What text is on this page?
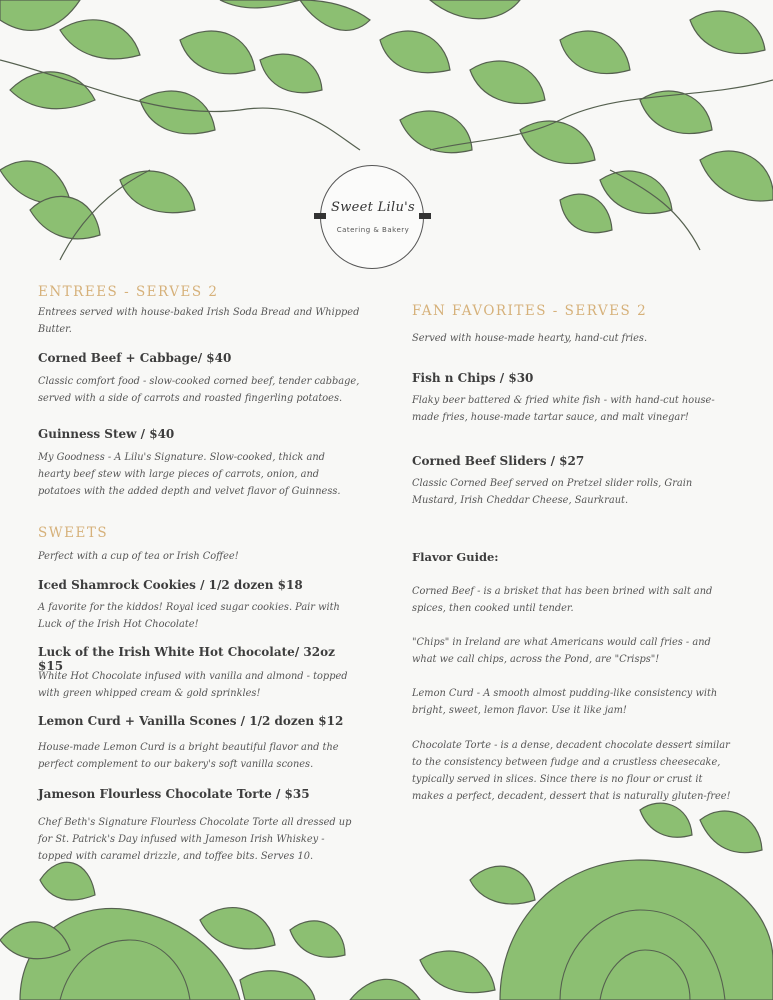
Sweet Lilu's
Catering & Bakery
ENTREES - SERVES 2

Entrees served with house-baked Irish Soda Bread and Whipped Butter.

Corned Beef + Cabbage/ $40

Classic comfort food - slow-cooked corned beef, tender cabbage, served with a side of carrots and roasted fingerling potatoes.

Guinness Stew / $40

My Goodness - A Lilu's Signature. Slow-cooked, thick and hearty beef stew with large pieces of carrots, onion, and potatoes with the added depth and velvet flavor of Guinness.

SWEETS

Perfect with a cup of tea or Irish Coffee!

Iced Shamrock Cookies / 1/2 dozen $18

A favorite for the kiddos! Royal iced sugar cookies. Pair with Luck of the Irish Hot Chocolate!

Luck of the Irish White Hot Chocolate/ 32oz $15

White Hot Chocolate infused with vanilla and almond - topped with green whipped cream & gold sprinkles!

Lemon Curd + Vanilla Scones / 1/2 dozen $12

House-made Lemon Curd is a bright beautiful flavor and the perfect complement to our bakery's soft vanilla scones.

Jameson Flourless Chocolate Torte / $35

Chef Beth's Signature Flourless Chocolate Torte all dressed up for St. Patrick's Day infused with Jameson Irish Whiskey - topped with caramel drizzle, and toffee bits. Serves 10.

FAN FAVORITES - SERVES 2

Served with house-made hearty, hand-cut fries.

Fish n Chips / $30

Flaky beer battered & fried white fish - with hand-cut house-made fries, house-made tartar sauce, and malt vinegar!

Corned Beef Sliders / $27

Classic Corned Beef served on Pretzel slider rolls, Grain Mustard, Irish Cheddar Cheese, Saurkraut.

Flavor Guide:

Corned Beef - is a brisket that has been brined with salt and spices, then cooked until tender.

"Chips" in Ireland are what Americans would call fries - and what we call chips, across the Pond, are "Crisps"!

Lemon Curd - A smooth almost pudding-like consistency with bright, sweet, lemon flavor. Use it like jam!

Chocolate Torte - is a dense, decadent chocolate dessert similar to the consistency between fudge and a crustless cheesecake, typically served in slices. Since there is no flour or crust it makes a perfect, decadent, dessert that is naturally gluten-free!
